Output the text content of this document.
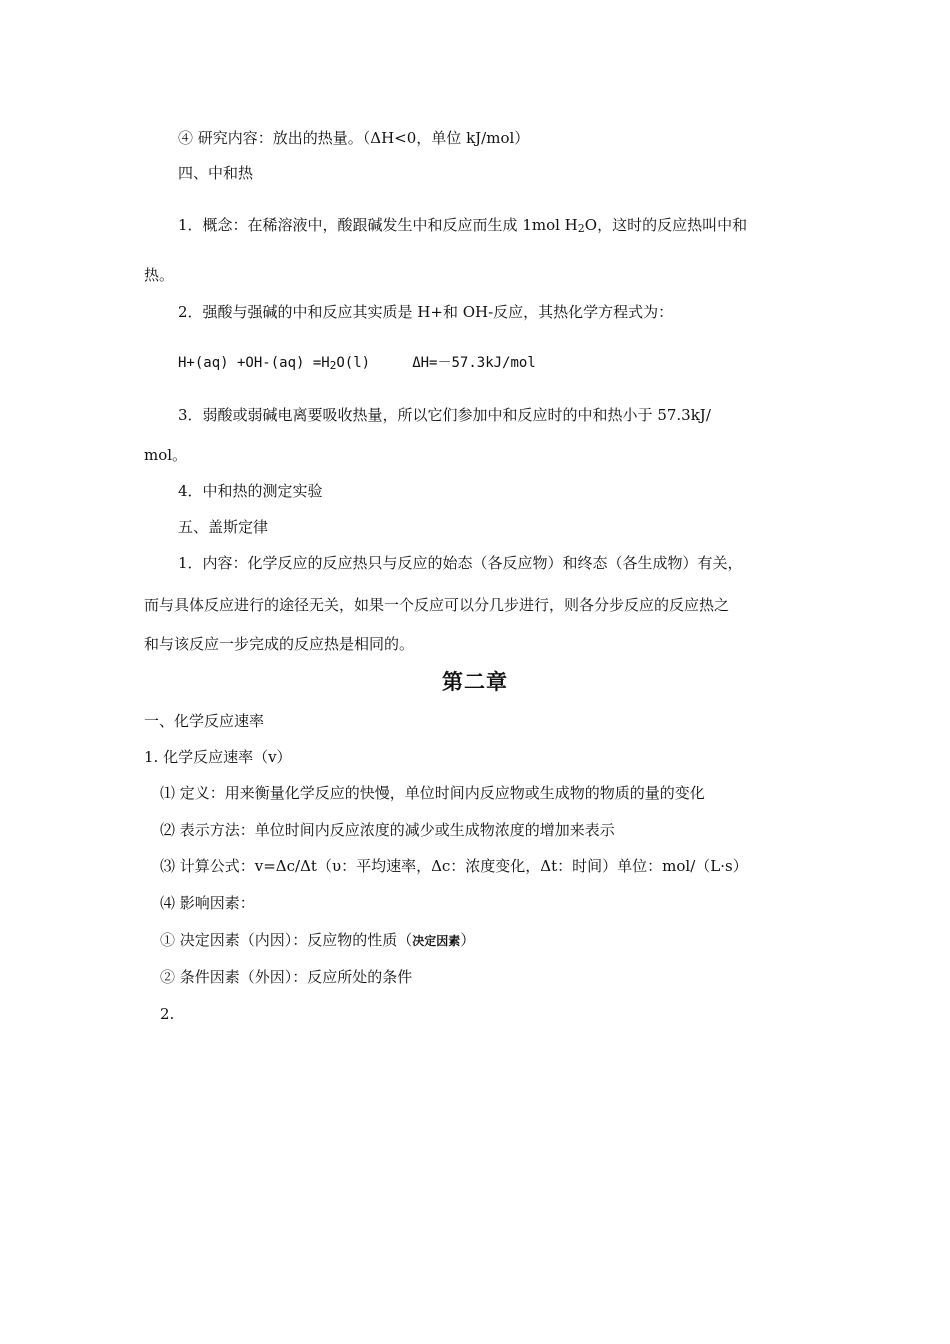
④ 研究内容：放出的热量。（ΔH<0，单位 kJ/mol）
四、中和热
1．概念：在稀溶液中，酸跟碱发生中和反应而生成 1mol H2O，这时的反应热叫中和
热。
2．强酸与强碱的中和反应其实质是 H+和 OH-反应，其热化学方程式为：
H+(aq) +OH-(aq) =H2O(l)     ΔH=－57.3kJ/mol
3．弱酸或弱碱电离要吸收热量，所以它们参加中和反应时的中和热小于 57.3kJ/
mol。
4．中和热的测定实验
五、盖斯定律
1．内容：化学反应的反应热只与反应的始态（各反应物）和终态（各生成物）有关，
而与具体反应进行的途径无关，如果一个反应可以分几步进行，则各分步反应的反应热之
和与该反应一步完成的反应热是相同的。
第二章
一、化学反应速率
1. 化学反应速率（v）
⑴ 定义：用来衡量化学反应的快慢，单位时间内反应物或生成物的物质的量的变化
⑵ 表示方法：单位时间内反应浓度的减少或生成物浓度的增加来表示
⑶ 计算公式：v=Δc/Δt（υ：平均速率，Δc：浓度变化，Δt：时间）单位：mol/（L·s）
⑷ 影响因素：
① 决定因素（内因）：反应物的性质（决定因素）
② 条件因素（外因）：反应所处的条件
2.
